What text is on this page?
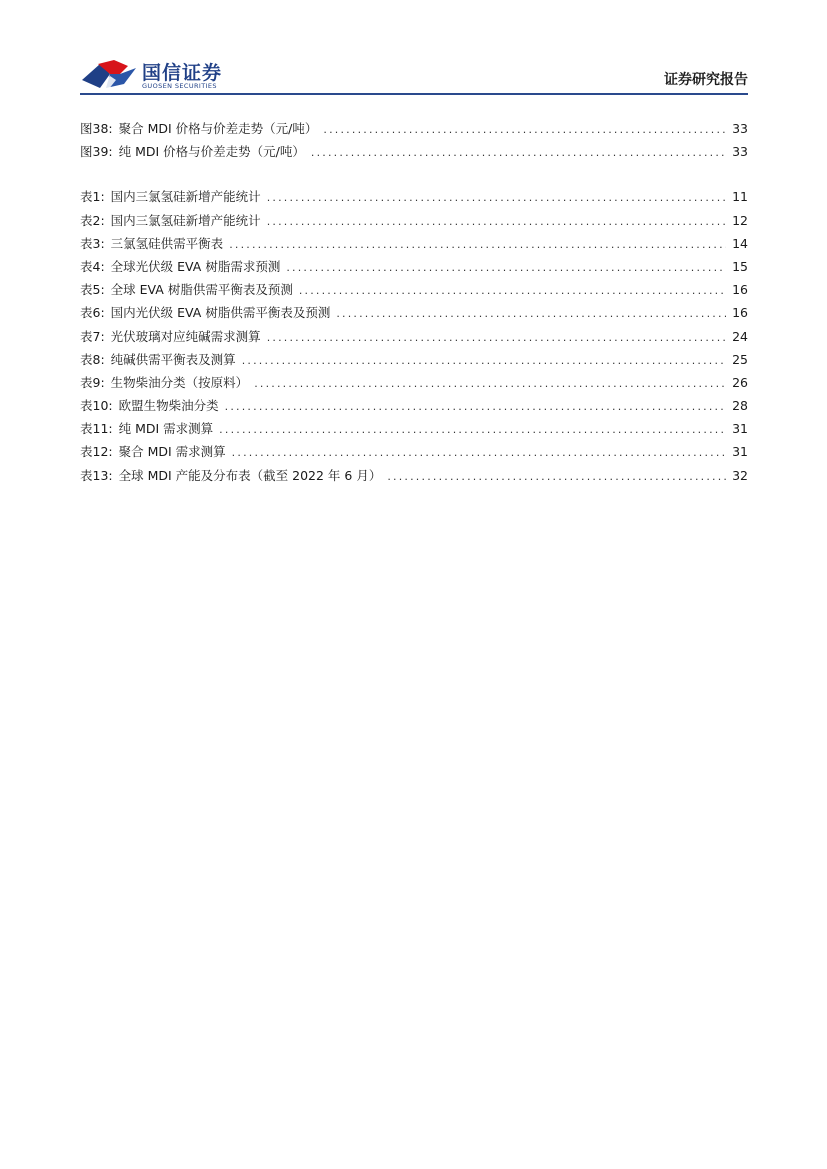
国信证券
GUOSEN SECURITIES	证券研究报告
图38: 聚合 MDI 价格与价差走势（元/吨） .....	33
图39: 纯 MDI 价格与价差走势（元/吨） .....	33
表1: 国内三氯氢硅新增产能统计 .....	11
表2: 国内三氯氢硅新增产能统计 .....	12
表3: 三氯氢硅供需平衡表 .....	14
表4: 全球光伏级 EVA 树脂需求预测 .....	15
表5: 全球 EVA 树脂供需平衡表及预测 .....	16
表6: 国内光伏级 EVA 树脂供需平衡表及预测 .....	16
表7: 光伏玻璃对应纯碱需求测算 .....	24
表8: 纯碱供需平衡表及测算 .....	25
表9: 生物柴油分类（按原料） .....	26
表10: 欧盟生物柴油分类 .....	28
表11: 纯 MDI 需求测算 .....	31
表12: 聚合 MDI 需求测算 .....	31
表13: 全球 MDI 产能及分布表（截至 2022 年 6 月） .....	32
